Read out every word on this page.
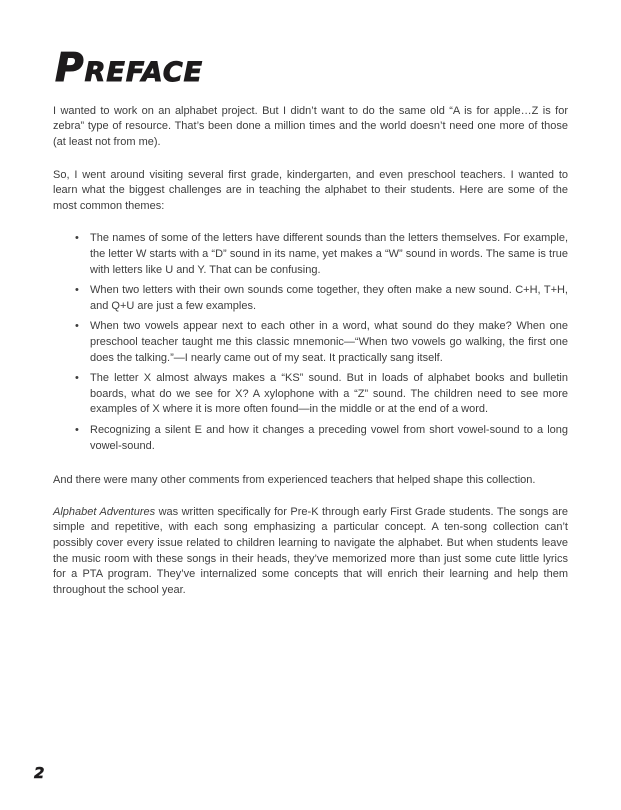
Preface

I wanted to work on an alphabet project. But I didn’t want to do the same old “A is for apple…Z is for zebra” type of resource. That’s been done a million times and the world doesn’t need one more of those (at least not from me).

So, I went around visiting several first grade, kindergarten, and even preschool teachers. I wanted to learn what the biggest challenges are in teaching the alphabet to their students. Here are some of the most common themes:

• The names of some of the letters have different sounds than the letters themselves. For example, the letter W starts with a “D” sound in its name, yet makes a “W” sound in words. The same is true with letters like U and Y. That can be confusing.
• When two letters with their own sounds come together, they often make a new sound. C+H, T+H, and Q+U are just a few examples.
• When two vowels appear next to each other in a word, what sound do they make? When one preschool teacher taught me this classic mnemonic—“When two vowels go walking, the first one does the talking.”—I nearly came out of my seat. It practically sang itself.
• The letter X almost always makes a “KS” sound. But in loads of alphabet books and bulletin boards, what do we see for X? A xylophone with a “Z” sound. The children need to see more examples of X where it is more often found—in the middle or at the end of a word.
• Recognizing a silent E and how it changes a preceding vowel from short vowel-sound to a long vowel-sound.

And there were many other comments from experienced teachers that helped shape this collection.

Alphabet Adventures was written specifically for Pre-K through early First Grade students. The songs are simple and repetitive, with each song emphasizing a particular concept. A ten-song collection can’t possibly cover every issue related to children learning to navigate the alphabet. But when students leave the music room with these songs in their heads, they’ve memorized more than just some cute little lyrics for a PTA program. They’ve internalized some concepts that will enrich their learning and help them throughout the school year.

2
